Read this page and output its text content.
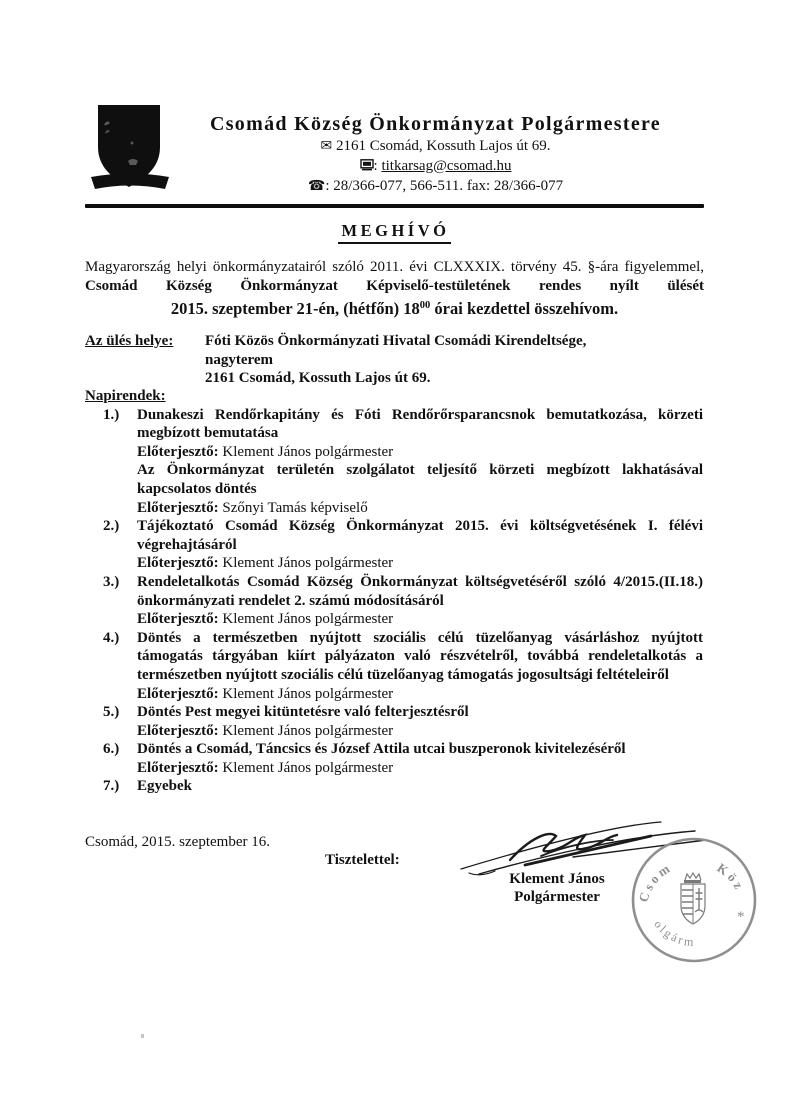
Csomád Község Önkormányzat Polgármestere
✉ 2161 Csomád, Kossuth Lajos út 69.
: titkarsag@csomad.hu
☎: 28/366-077, 566-511. fax: 28/366-077
MEGHÍVÓ

Magyarország helyi önkormányzatairól szóló 2011. évi CLXXXIX. törvény 45. §-ára figyelemmel, Csomád Község Önkormányzat Képviselő-testületének rendes nyílt ülését

2015. szeptember 21-én, (hétfőn) $18^{00}$ órai kezdettel összehívom.
Az ülés helye:	Fóti Közös Önkormányzati Hivatal Csomádi Kirendeltsége,
nagyterem
2161 Csomád, Kossuth Lajos út 69.
Napirendek:
1.)	Dunakeszi Rendőrkapitány és Fóti Rendőrőrsparancsnok bemutatkozása, körzeti megbízott bemutatása
Előterjesztő: Klement János polgármester
Az Önkormányzat területén szolgálatot teljesítő körzeti megbízott lakhatásával kapcsolatos döntés
Előterjesztő: Szőnyi Tamás képviselő
2.)	Tájékoztató Csomád Község Önkormányzat 2015. évi költségvetésének I. félévi végrehajtásáról
Előterjesztő: Klement János polgármester
3.)	Rendeletalkotás Csomád Község Önkormányzat költségvetéséről szóló 4/2015.(II.18.) önkormányzati rendelet 2. számú módosításáról
Előterjesztő: Klement János polgármester
4.)	Döntés a természetben nyújtott szociális célú tüzelőanyag vásárláshoz nyújtott támogatás tárgyában kiírt pályázaton való részvételről, továbbá rendeletalkotás a természetben nyújtott szociális célú tüzelőanyag támogatás jogosultsági feltételeiről
Előterjesztő: Klement János polgármester
5.)	Döntés Pest megyei kitüntetésre való felterjesztésről
Előterjesztő: Klement János polgármester
6.)	Döntés a Csomád, Táncsics és József Attila utcai buszperonok kivitelezéséről
Előterjesztő: Klement János polgármester
7.)	Egyebek
Csomád, 2015. szeptember 16.
Tisztelettel:
Klement János
Polgármester	Csom	Köz
olgárm
*
